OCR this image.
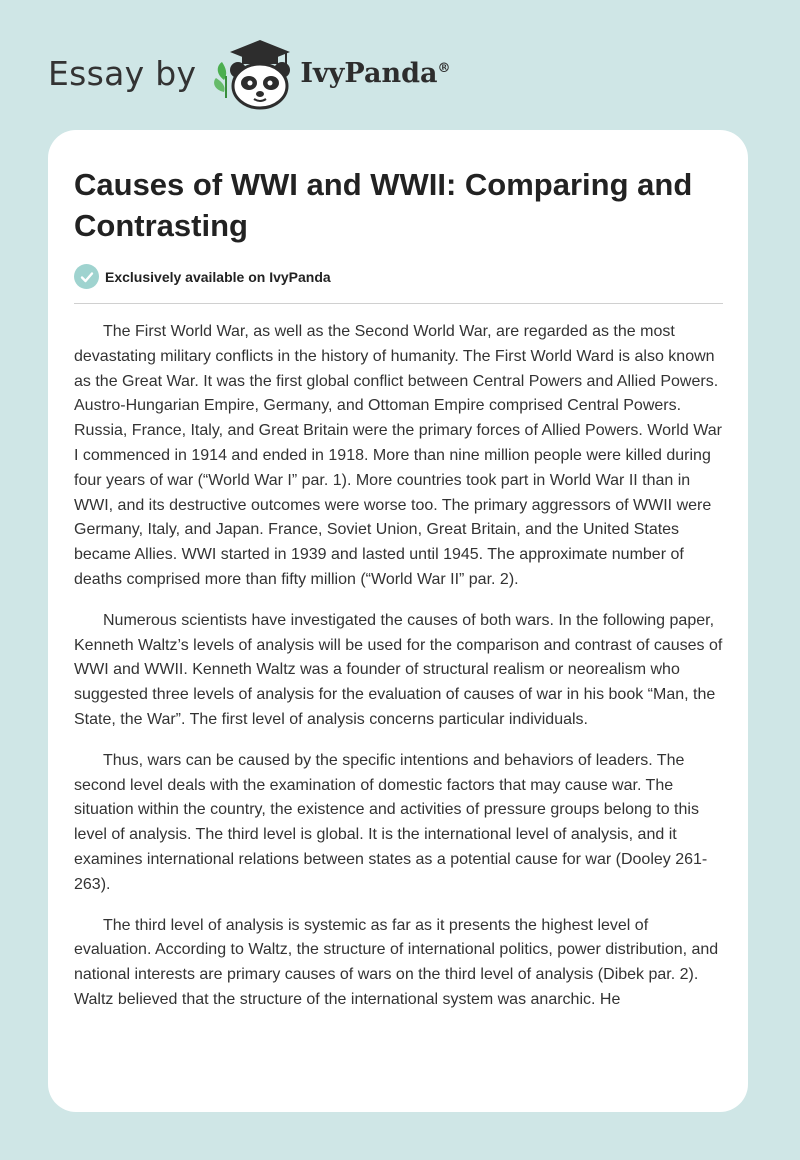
Essay by	IvyPanda®
Causes of WWI and WWII: Comparing and Contrasting
Exclusively available on IvyPanda

The First World War, as well as the Second World War, are regarded as the most devastating military conflicts in the history of humanity. The First World Ward is also known as the Great War. It was the first global conflict between Central Powers and Allied Powers. Austro-Hungarian Empire, Germany, and Ottoman Empire comprised Central Powers. Russia, France, Italy, and Great Britain were the primary forces of Allied Powers. World War I commenced in 1914 and ended in 1918. More than nine million people were killed during four years of war (“World War I” par. 1). More countries took part in World War II than in WWI, and its destructive outcomes were worse too. The primary aggressors of WWII were Germany, Italy, and Japan. France, Soviet Union, Great Britain, and the United States became Allies. WWI started in 1939 and lasted until 1945. The approximate number of deaths comprised more than fifty million (“World War II” par. 2).

Numerous scientists have investigated the causes of both wars. In the following paper, Kenneth Waltz’s levels of analysis will be used for the comparison and contrast of causes of WWI and WWII. Kenneth Waltz was a founder of structural realism or neorealism who suggested three levels of analysis for the evaluation of causes of war in his book “Man, the State, the War”. The first level of analysis concerns particular individuals.

Thus, wars can be caused by the specific intentions and behaviors of leaders. The second level deals with the examination of domestic factors that may cause war. The situation within the country, the existence and activities of pressure groups belong to this level of analysis. The third level is global. It is the international level of analysis, and it examines international relations between states as a potential cause for war (Dooley 261-263).

The third level of analysis is systemic as far as it presents the highest level of evaluation. According to Waltz, the structure of international politics, power distribution, and national interests are primary causes of wars on the third level of analysis (Dibek par. 2). Waltz believed that the structure of the international system was anarchic. He
